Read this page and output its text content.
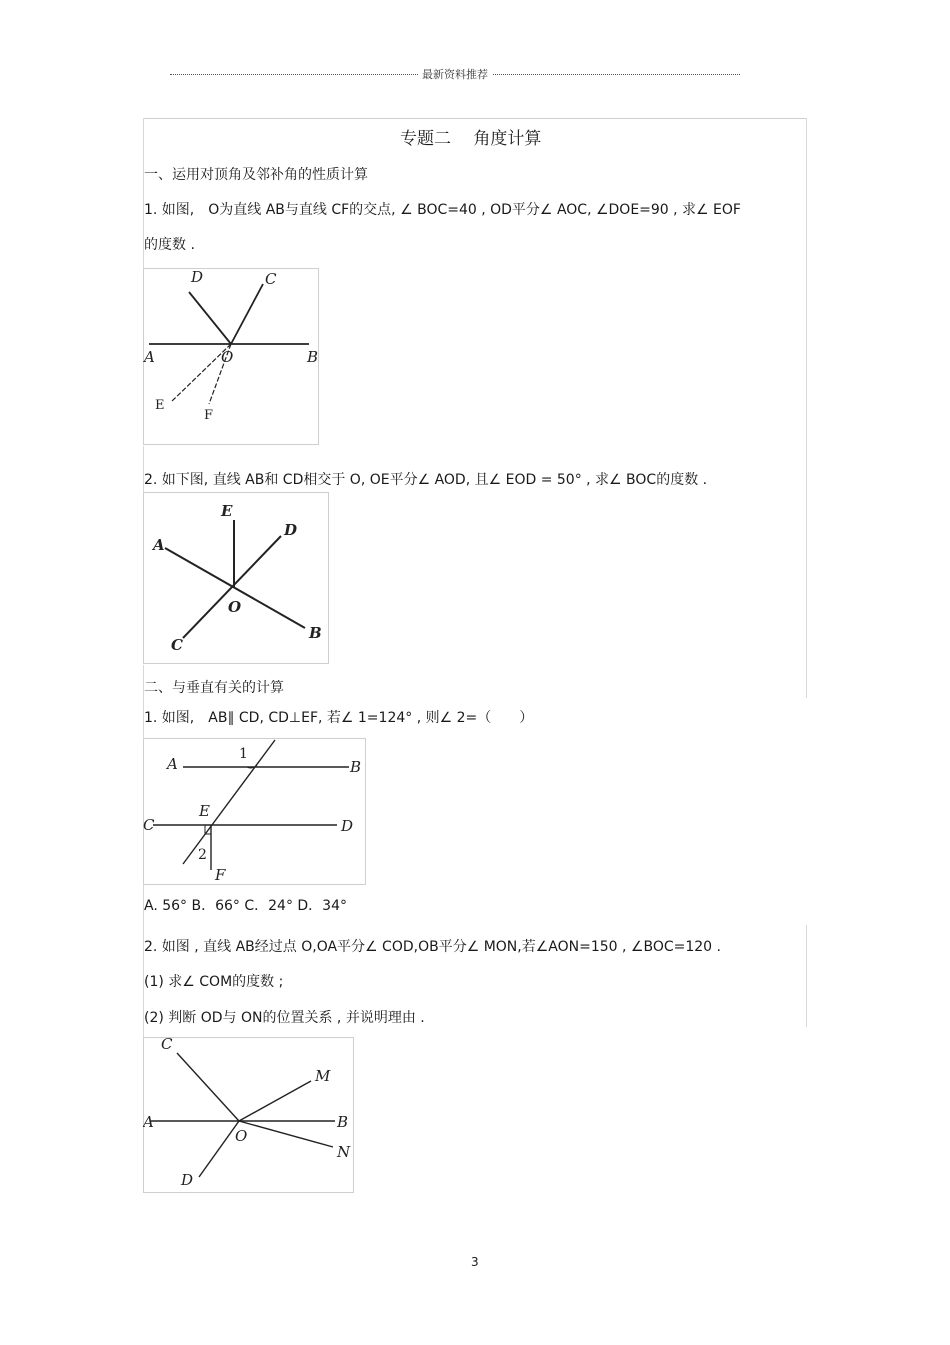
最新资料推荐
专题二　 角度计算
一、运用对顶角及邻补角的性质计算
1. 如图,　O为直线 AB与直线 CF的交点, ∠ BOC=40 , OD平分∠ AOC, ∠DOE=90 , 求∠ EOF
的度数 .
D	C
A	O	B
E
F
2. 如下图, 直线 AB和 CD相交于 O, OE平分∠ AOD, 且∠ EOD = 50° , 求∠ BOC的度数 .
E
D
A
O
C
B
二、与垂直有关的计算
1. 如图,　AB∥ CD, CD⊥EF, 若∠ 1=124° , 则∠ 2=（　　）
A	B
1
C	D
E
2
F
A. 56° B．66° C．24° D．34°
2. 如图 , 直线 AB经过点 O,OA平分∠ COD,OB平分∠ MON,若∠AON=150 , ∠BOC=120 .
(1) 求∠ COM的度数 ;
(2) 判断 OD与 ON的位置关系 , 并说明理由 .
C
M
A
O
B
N
D
3
